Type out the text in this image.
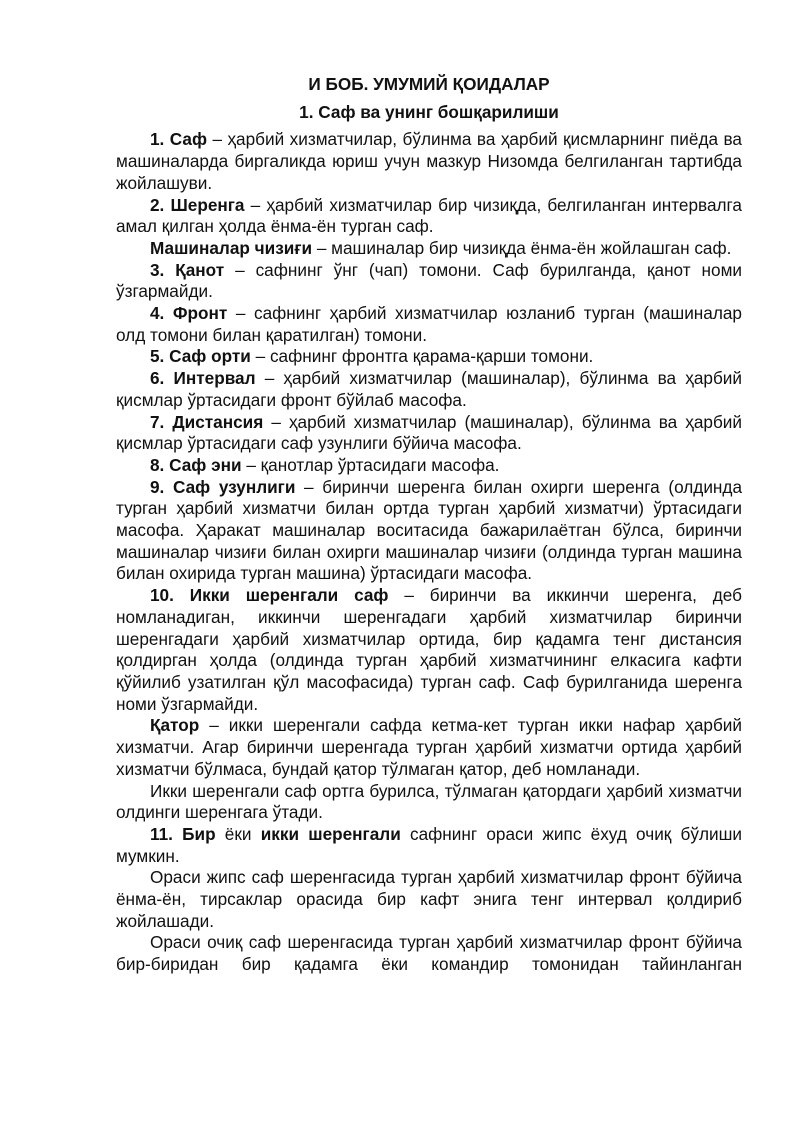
И БОБ. УМУМИЙ ҚОИДАЛАР
1. Саф ва унинг бошқарилиши

1. Саф – ҳарбий хизматчилар, бўлинма ва ҳарбий қисмларнинг пиёда ва машиналарда биргаликда юриш учун мазкур Низомда белгиланган тартибда жойлашуви.

2. Шеренга – ҳарбий хизматчилар бир чизиқда, белгиланган интервалга амал қилган ҳолда ёнма-ён турган саф.

Машиналар чизиғи – машиналар бир чизиқда ёнма-ён жойлашган саф.

3. Қанот – сафнинг ўнг (чап) томони. Саф бурилганда, қанот номи ўзгармайди.

4. Фронт – сафнинг ҳарбий хизматчилар юзланиб турган (машиналар олд томони билан қаратилган) томони.

5. Саф орти – сафнинг фронтга қарама-қарши томони.

6. Интервал – ҳарбий хизматчилар (машиналар), бўлинма ва ҳарбий қисмлар ўртасидаги фронт бўйлаб масофа.

7. Дистансия – ҳарбий хизматчилар (машиналар), бўлинма ва ҳарбий қисмлар ўртасидаги саф узунлиги бўйича масофа.

8. Саф эни – қанотлар ўртасидаги масофа.

9. Саф узунлиги – биринчи шеренга билан охирги шеренга (олдинда турган ҳарбий хизматчи билан ортда турган ҳарбий хизматчи) ўртасидаги масофа. Ҳаракат машиналар воситасида бажарилаётган бўлса, биринчи машиналар чизиғи билан охирги машиналар чизиғи (олдинда турган машина билан охирида турган машина) ўртасидаги масофа.

10. Икки шеренгали саф – биринчи ва иккинчи шеренга, деб номланадиган, иккинчи шеренгадаги ҳарбий хизматчилар биринчи шеренгадаги ҳарбий хизматчилар ортида, бир қадамга тенг дистансия қолдирган ҳолда (олдинда турган ҳарбий хизматчининг елкасига кафти қўйилиб узатилган қўл масофасида) турган саф. Саф бурилганида шеренга номи ўзгармайди.

Қатор – икки шеренгали сафда кетма-кет турган икки нафар ҳарбий хизматчи. Агар биринчи шеренгада турган ҳарбий хизматчи ортида ҳарбий хизматчи бўлмаса, бундай қатор тўлмаган қатор, деб номланади.

Икки шеренгали саф ортга бурилса, тўлмаган қатордаги ҳарбий хизматчи олдинги шеренгага ўтади.

11. Бир ёки икки шеренгали сафнинг ораси жипс ёхуд очиқ бўлиши мумкин.

Ораси жипс саф шеренгасида турган ҳарбий хизматчилар фронт бўйича ёнма-ён, тирсаклар орасида бир кафт энига тенг интервал қолдириб жойлашади.

Ораси очиқ саф шеренгасида турган ҳарбий хизматчилар фронт бўйича бир-биридан бир қадамга ёки командир томонидан тайинланган
